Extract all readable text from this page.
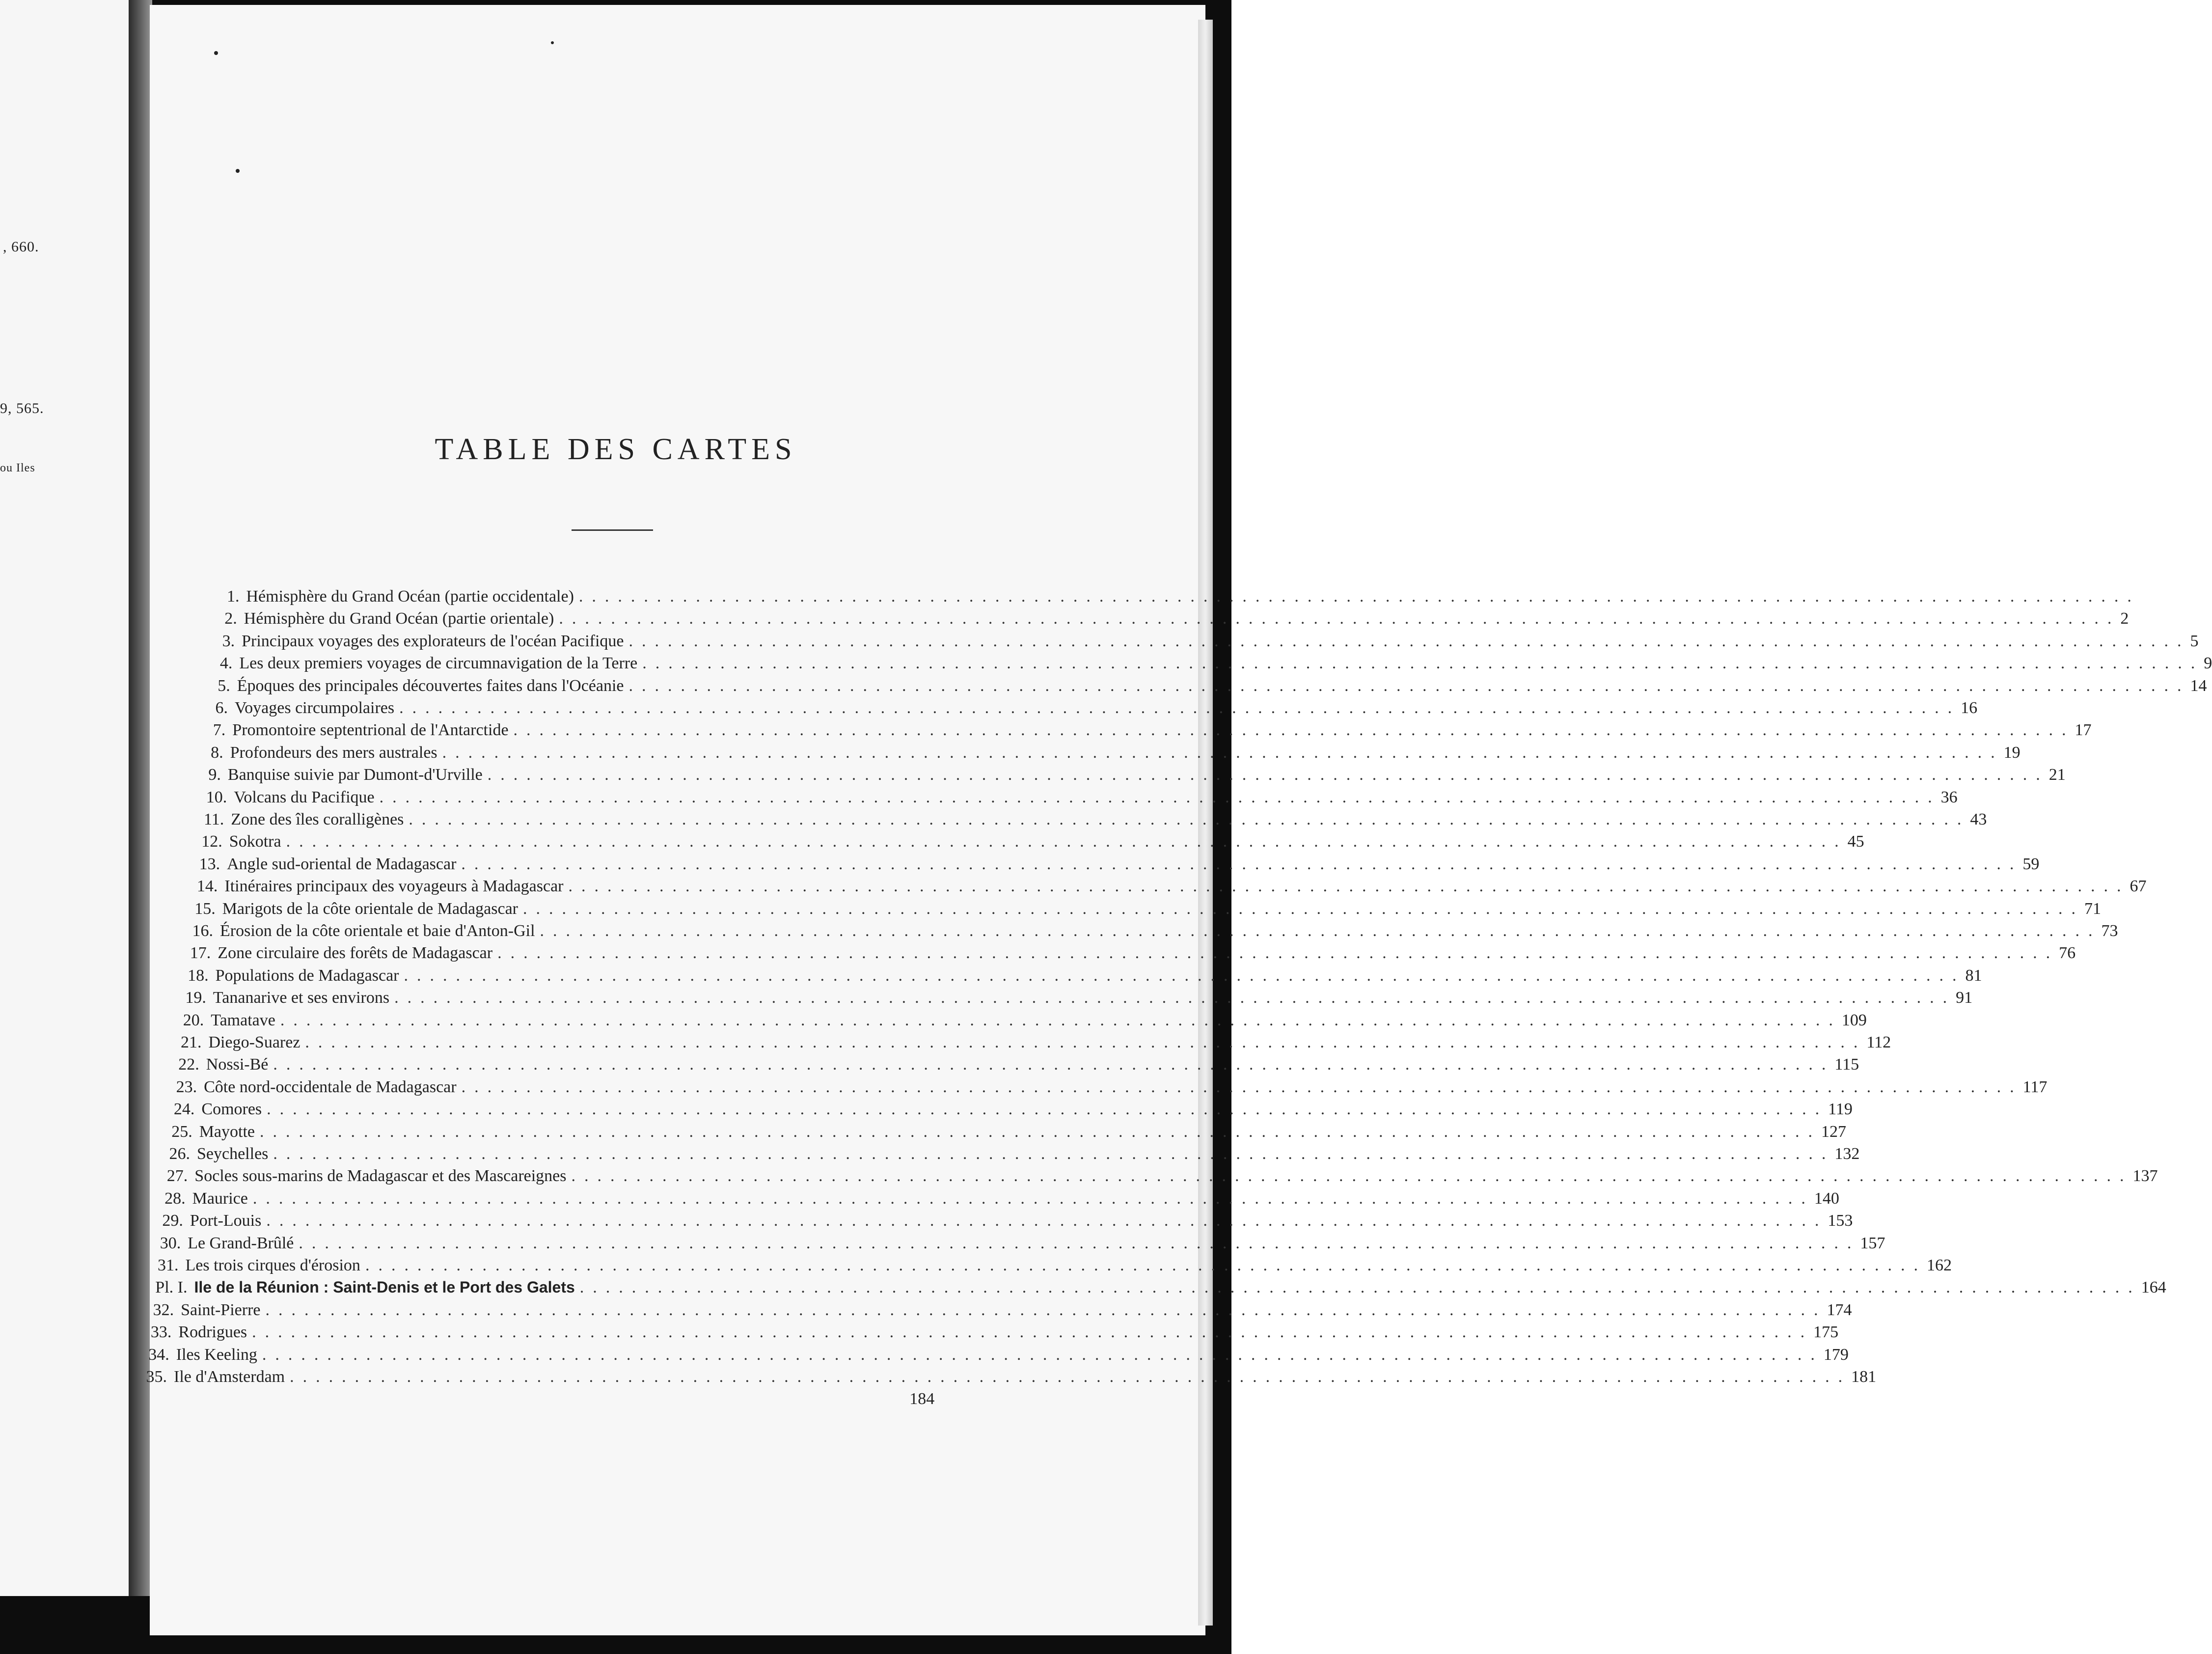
, 660.
9, 565.
ou Iles
TABLE DES CARTES
1. Hémisphère du Grand Océan (partie occidentale) ........................................................................................................................
2. Hémisphère du Grand Océan (partie orientale) ........................................................................................................................ 2
3. Principaux voyages des explorateurs de l'océan Pacifique ........................................................................................................................ 5
4. Les deux premiers voyages de circumnavigation de la Terre ........................................................................................................................ 9
5. Époques des principales découvertes faites dans l'Océanie ........................................................................................................................ 14
6. Voyages circumpolaires ........................................................................................................................ 16
7. Promontoire septentrional de l'Antarctide ........................................................................................................................ 17
8. Profondeurs des mers australes ........................................................................................................................ 19
9. Banquise suivie par Dumont-d'Urville ........................................................................................................................ 21
10. Volcans du Pacifique ........................................................................................................................ 36
11. Zone des îles coralligènes ........................................................................................................................ 43
12. Sokotra ........................................................................................................................ 45
13. Angle sud-oriental de Madagascar ........................................................................................................................ 59
14. Itinéraires principaux des voyageurs à Madagascar ........................................................................................................................ 67
15. Marigots de la côte orientale de Madagascar ........................................................................................................................ 71
16. Érosion de la côte orientale et baie d'Anton-Gil ........................................................................................................................ 73
17. Zone circulaire des forêts de Madagascar ........................................................................................................................ 76
18. Populations de Madagascar ........................................................................................................................ 81
19. Tananarive et ses environs ........................................................................................................................ 91
20. Tamatave ........................................................................................................................ 109
21. Diego-Suarez ........................................................................................................................ 112
22. Nossi-Bé ........................................................................................................................ 115
23. Côte nord-occidentale de Madagascar ........................................................................................................................ 117
24. Comores ........................................................................................................................ 119
25. Mayotte ........................................................................................................................ 127
26. Seychelles ........................................................................................................................ 132
27. Socles sous-marins de Madagascar et des Mascareignes ........................................................................................................................ 137
28. Maurice ........................................................................................................................ 140
29. Port-Louis ........................................................................................................................ 153
30. Le Grand-Brûlé ........................................................................................................................ 157
31. Les trois cirques d'érosion ........................................................................................................................ 162
Pl. I. Ile de la Réunion : Saint-Denis et le Port des Galets ........................................................................................................................ 164
32. Saint-Pierre ........................................................................................................................ 174
33. Rodrigues ........................................................................................................................ 175
34. Iles Keeling ........................................................................................................................ 179
35. Ile d'Amsterdam ........................................................................................................................ 181
184
